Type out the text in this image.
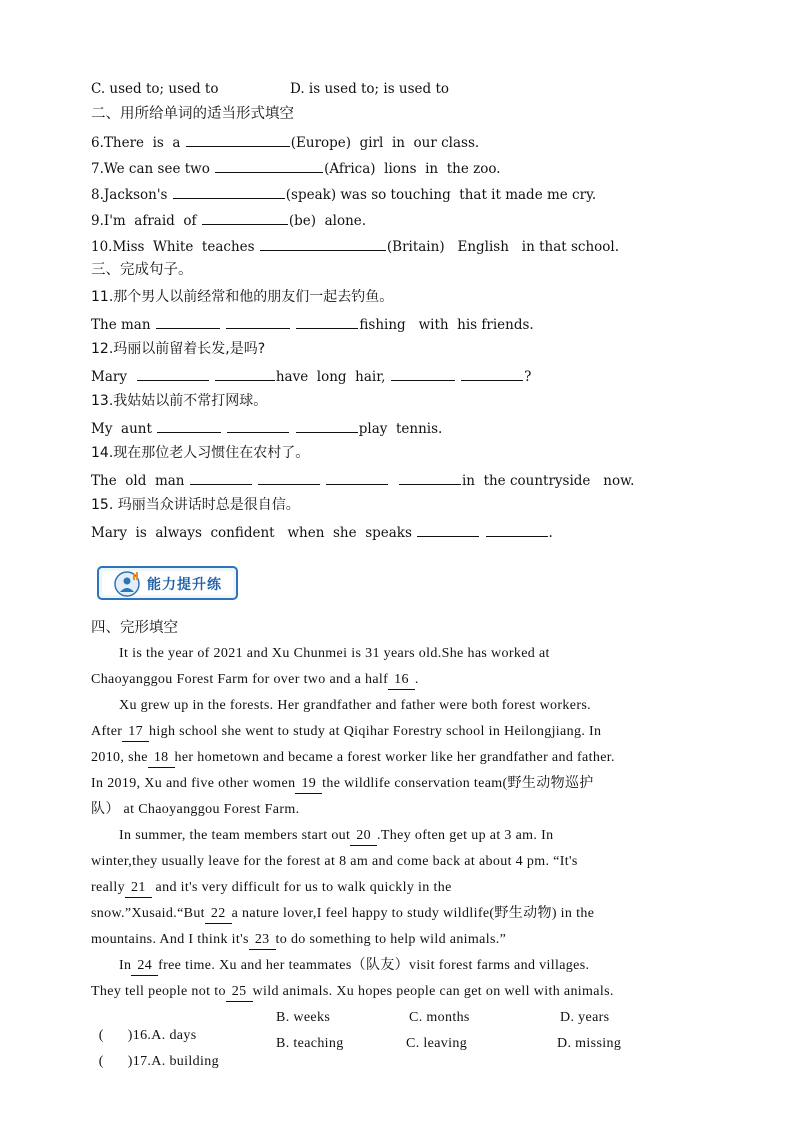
C. used to; used to	D. is used to; is used to
二、用所给单词的适当形式填空
6.There  is  a	(Europe)  girl  in  our class.
7.We can see two	(Africa)  lions  in  the zoo.
8.Jackson's	(speak) was so touching  that it made me cry.
9.I'm  afraid  of	(be)  alone.
10.Miss  White  teaches	(Britain)   English   in that school.
三、完成句子。
11.那个男人以前经常和他的朋友们一起去钓鱼。
The man	fishing   with  his friends.
12.玛丽以前留着长发,是吗?
Mary	have  long  hair,	?
13.我姑姑以前不常打网球。
My  aunt	play  tennis.
14.现在那位老人习惯住在农村了。
The  old  man	in  the countryside   now.
15. 玛丽当众讲话时总是很自信。
Mary  is  always  confident   when  she  speaks	.
能力提升练
四、完形填空
It is the year of 2021 and Xu Chunmei is 31 years old.She has worked at
Chaoyanggou Forest Farm for over two and a half 16 .
Xu grew up in the forests. Her grandfather and father were both forest workers.
After 17 high school she went to study at Qiqihar Forestry school in Heilongjiang. In
2010, she 18 her hometown and became a forest worker like her grandfather and father.
In 2019, Xu and five other women 19 the wildlife conservation team(野生动物巡护
队） at Chaoyanggou Forest Farm.
In summer, the team members start out 20 .They often get up at 3 am. In
winter,they usually leave for the forest at 8 am and come back at about 4 pm. “It's
really 21 and it's very difficult for us to walk quickly in the
snow.”Xusaid.“But 22 a nature lover,I feel happy to study wildlife(野生动物) in the
mountains. And I think it's 23 to do something to help wild animals.”
In 24 free time. Xu and her teammates（队友）visit forest farms and villages.
They tell people not to 25 wild animals. Xu hopes people can get on well with animals.

( )16.A. days

B. weeks	C. months	D. years

( )17.A. building

B. teaching	C. leaving	D. missing
